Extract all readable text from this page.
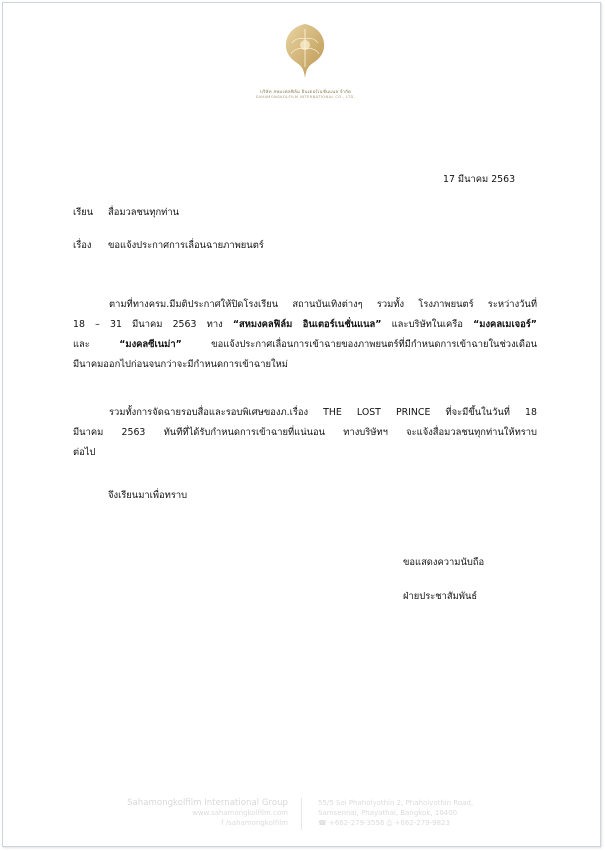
บริษัท สหมงคลฟิล์ม อินเตอร์เนชั่นแนล จำกัด
SAHAMONGKOLFILM INTERNATIONAL CO., LTD.
17 มีนาคม 2563
เรียน สื่อมวลชนทุกท่าน
เรื่อง ขอแจ้งประกาศการเลื่อนฉายภาพยนตร์
ตามที่ทางครม.มีมติประกาศให้ปิดโรงเรียน สถานบันเทิงต่างๆ รวมทั้ง โรงภาพยนตร์ ระหว่างวันที่
18 – 31 มีนาคม 2563 ทาง “สหมงคลฟิล์ม อินเตอร์เนชั่นแนล” และบริษัทในเครือ “มงคลเมเจอร์”
และ	“มงคลซีเนม่า”	ขอแจ้งประกาศเลื่อนการเข้าฉายของภาพยนตร์ที่มีกำหนดการเข้าฉายในช่วงเดือน
มีนาคมออกไปก่อนจนกว่าจะมีกำหนดการเข้าฉายใหม่
รวมทั้งการจัดฉายรอบสื่อและรอบพิเศษของภ.เรื่อง THE LOST PRINCE ที่จะมีขึ้นในวันที่ 18
มีนาคม 2563 ทันทีที่ได้รับกำหนดการเข้าฉายที่แน่นอน ทางบริษัทฯ จะแจ้งสื่อมวลชนทุกท่านให้ทราบ
ต่อไป
จึงเรียนมาเพื่อทราบ
ขอแสดงความนับถือ
ฝ่ายประชาสัมพันธ์
Sahamongkolfilm International Group
www.sahamongkolfilm.com
f /sahamongkolfilm
55/5 Soi Phaholyothin 2, Phaholyothin Road,
Samsennai, Phayathai, Bangkok, 10400
☎ +662-279-3556 ⎙ +662-279-9823
